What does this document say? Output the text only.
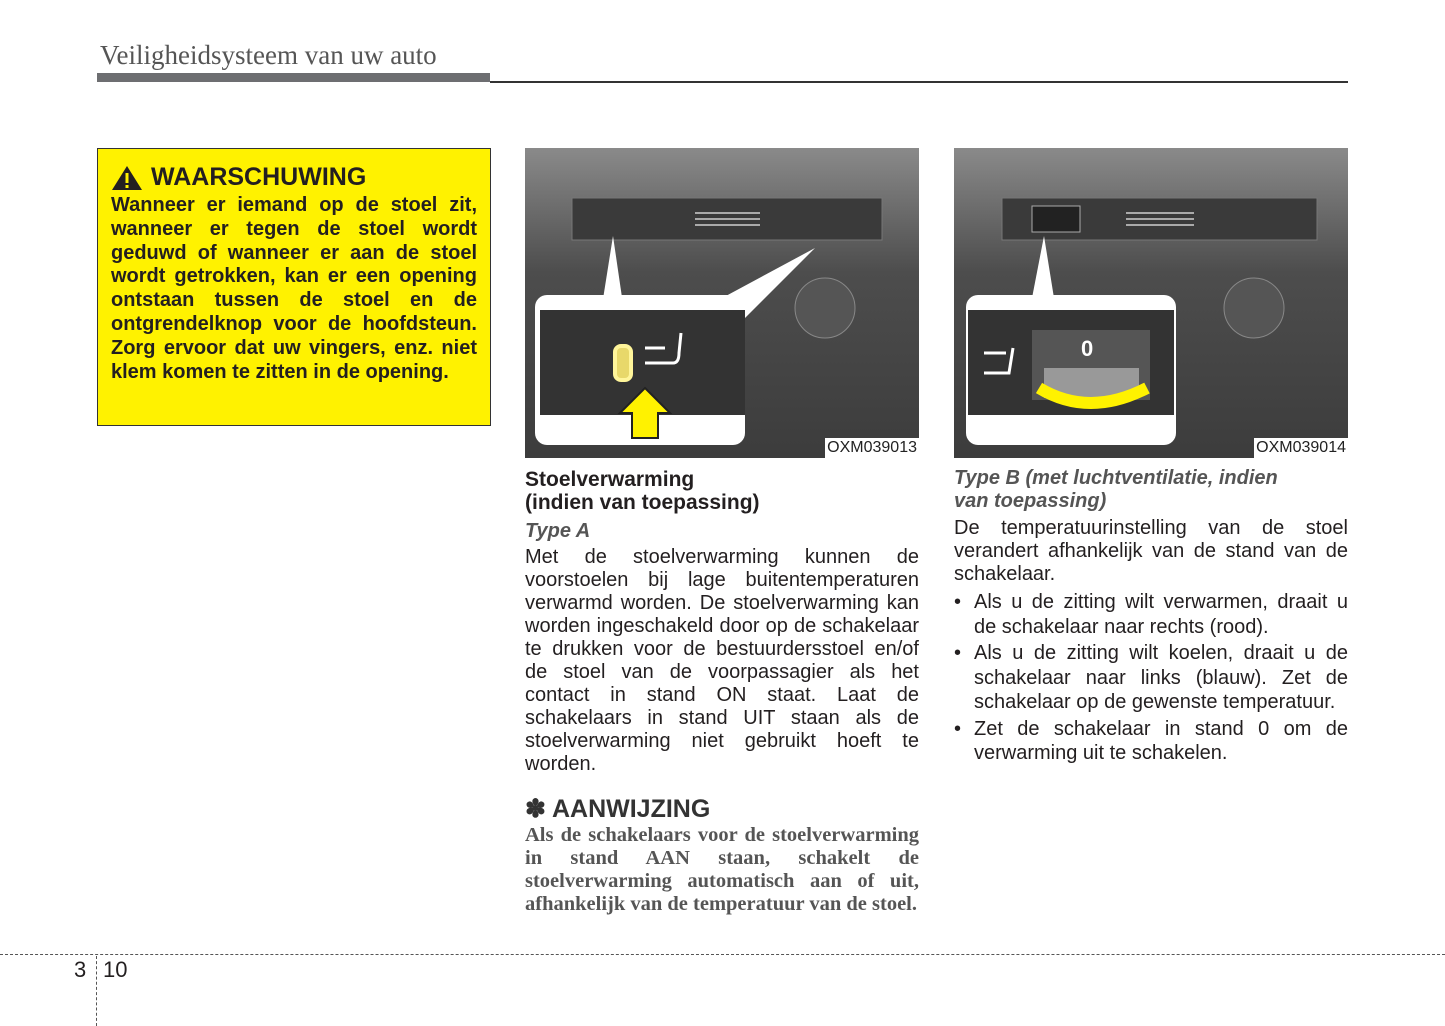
Veiligheidsysteem van uw auto
WAARSCHUWING

Wanneer er iemand op de stoel zit, wanneer er tegen de stoel wordt geduwd of wanneer er aan de stoel wordt getrokken, kan er een opening ontstaan tussen de stoel en de ontgrendelknop voor de hoofdsteun. Zorg ervoor dat uw vingers, enz. niet klem komen te zitten in de opening.

OXM039013
Stoelverwarming
(indien van toepassing)
Type A

Met de stoelverwarming kunnen de voorstoelen bij lage buitentemperaturen verwarmd worden. De stoelverwarming kan worden ingeschakeld door op de schakelaar te drukken voor de bestuurdersstoel en/of de stoel van de voorpassagier als het contact in stand ON staat. Laat de schakelaars in stand UIT staan als de stoelverwarming niet gebruikt hoeft te worden.

✽ AANWIJZING

Als de schakelaars voor de stoelverwarming in stand AAN staan, schakelt de stoelverwarming automatisch aan of uit, afhankelijk van de temperatuur van de stoel.

0
OXM039014
Type B (met luchtventilatie, indien
van toepassing)

De temperatuurinstelling van de stoel verandert afhankelijk van de stand van de schakelaar.

• Als u de zitting wilt verwarmen, draait u de schakelaar naar rechts (rood).
• Als u de zitting wilt koelen, draait u de schakelaar naar links (blauw). Zet de schakelaar op de gewenste temperatuur.
• Zet de schakelaar in stand 0 om de verwarming uit te schakelen.
3 10
